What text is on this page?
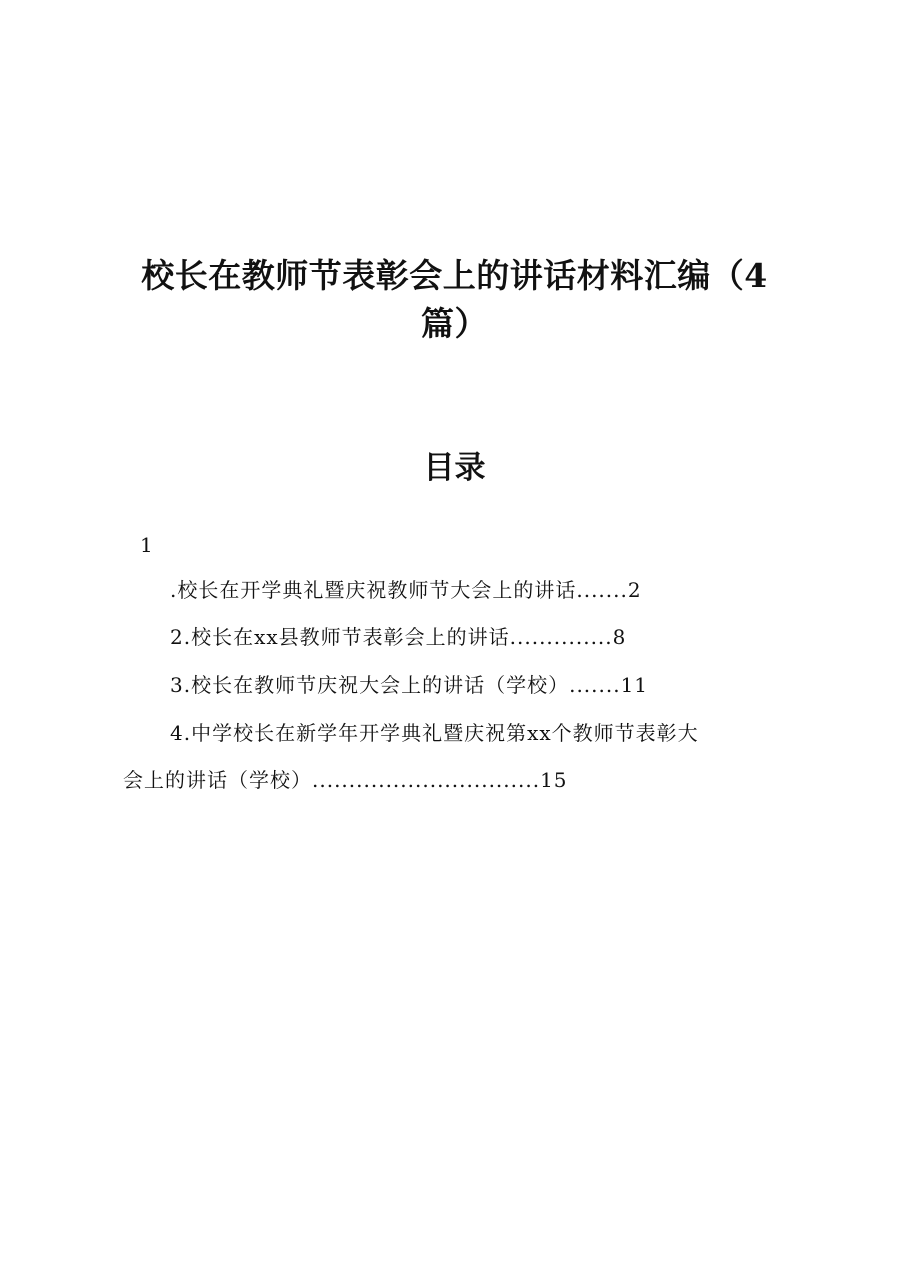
校长在教师节表彰会上的讲话材料汇编（4篇）
目录
1
.校长在开学典礼暨庆祝教师节大会上的讲话.......2
2.校长在xx县教师节表彰会上的讲话..............8
3.校长在教师节庆祝大会上的讲话（学校）.......11
4.中学校长在新学年开学典礼暨庆祝第xx个教师节表彰大
会上的讲话（学校）...............................15
